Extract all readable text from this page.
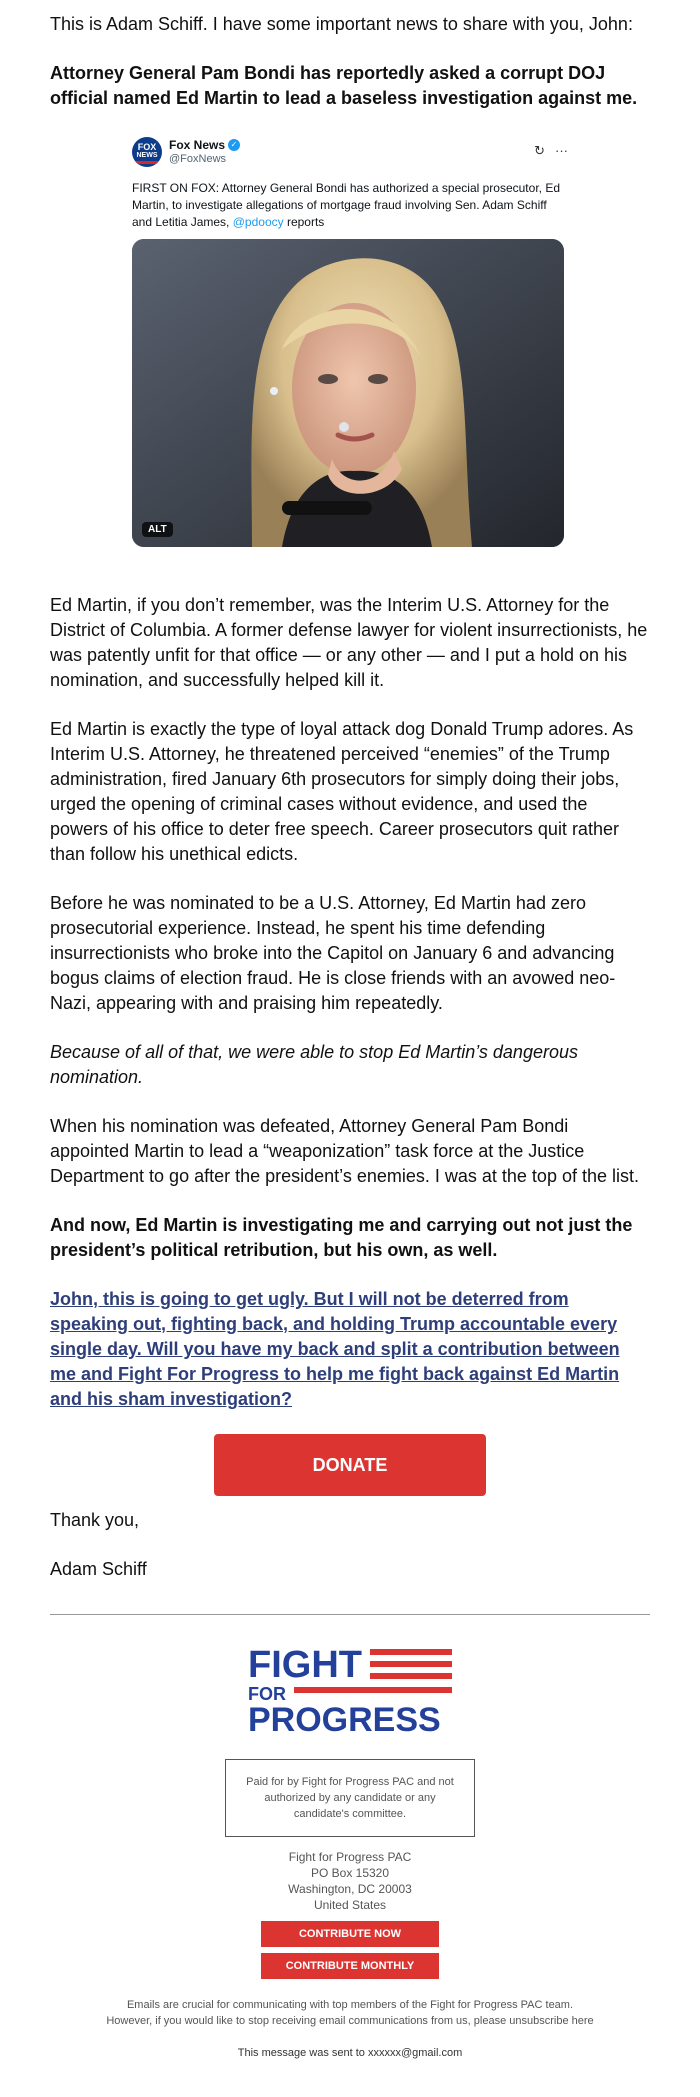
This is Adam Schiff. I have some important news to share with you, John:

Attorney General Pam Bondi has reportedly asked a corrupt DOJ official named Ed Martin to lead a baseless investigation against me.

FOX
NEWS
Fox News ✓
@FoxNews
↻ ···
FIRST ON FOX: Attorney General Bondi has authorized a special prosecutor, Ed Martin, to investigate allegations of mortgage fraud involving Sen. Adam Schiff and Letitia James, @pdoocy reports
ALT

Ed Martin, if you don’t remember, was the Interim U.S. Attorney for the District of Columbia. A former defense lawyer for violent insurrectionists, he was patently unfit for that office — or any other — and I put a hold on his nomination, and successfully helped kill it.

Ed Martin is exactly the type of loyal attack dog Donald Trump adores. As Interim U.S. Attorney, he threatened perceived “enemies” of the Trump administration, fired January 6th prosecutors for simply doing their jobs, urged the opening of criminal cases without evidence, and used the powers of his office to deter free speech. Career prosecutors quit rather than follow his unethical edicts.

Before he was nominated to be a U.S. Attorney, Ed Martin had zero prosecutorial experience. Instead, he spent his time defending insurrectionists who broke into the Capitol on January 6 and advancing bogus claims of election fraud. He is close friends with an avowed neo-Nazi, appearing with and praising him repeatedly.

Because of all of that, we were able to stop Ed Martin’s dangerous nomination.

When his nomination was defeated, Attorney General Pam Bondi appointed Martin to lead a “weaponization” task force at the Justice Department to go after the president’s enemies. I was at the top of the list.

And now, Ed Martin is investigating me and carrying out not just the president’s political retribution, but his own, as well.

John, this is going to get ugly. But I will not be deterred from speaking out, fighting back, and holding Trump accountable every single day. Will you have my back and split a contribution between me and Fight For Progress to help me fight back against Ed Martin and his sham investigation?
DONATE

Thank you,

Adam Schiff

FIGHT
FOR
PROGRESS
Paid for by Fight for Progress PAC and not authorized by any candidate or any candidate's committee.
Fight for Progress PAC
PO Box 15320
Washington, DC 20003
United States
CONTRIBUTE NOW
CONTRIBUTE MONTHLY
Emails are crucial for communicating with top members of the Fight for Progress PAC team.
However, if you would like to stop receiving email communications from us, please unsubscribe here
This message was sent to xxxxxx@gmail.com
